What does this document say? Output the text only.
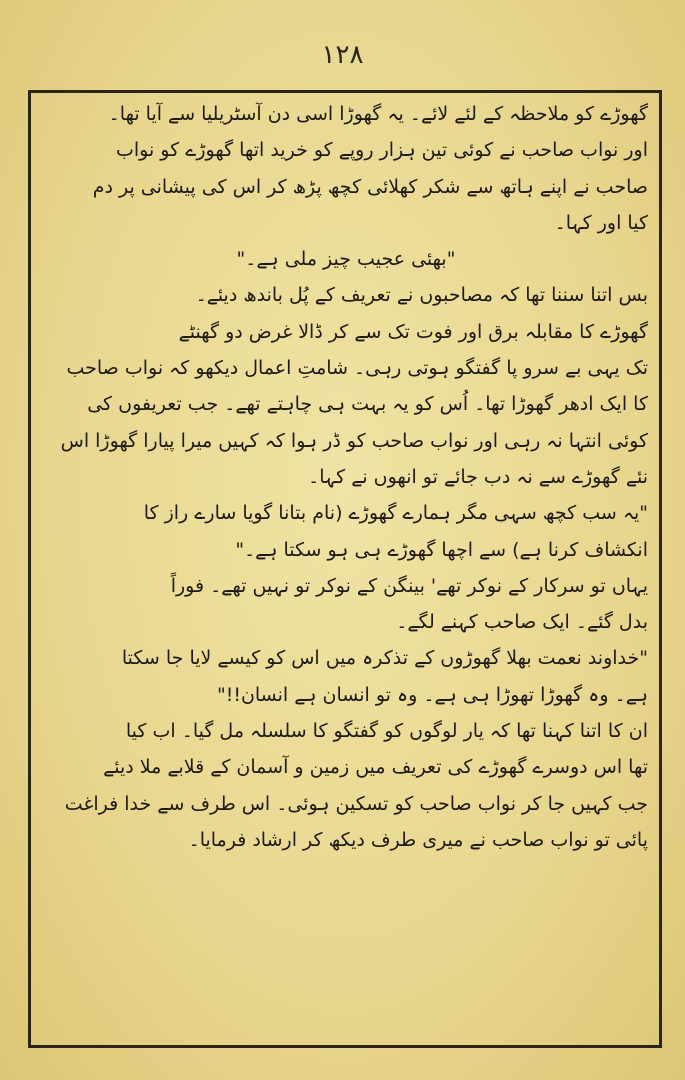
۱۲۸
گھوڑے کو ملاحظہ کے لئے لائے۔ یہ گھوڑا اسی دن آسٹریلیا سے آیا تھا۔
اور نواب صاحب نے کوئی تین ہزار روپے کو خرید اتھا گھوڑے کو نواب
صاحب نے اپنے ہاتھ سے شکر کھلائی کچھ پڑھ کر اس کی پیشانی پر دم
کیا اور کہا۔
"بھئی عجیب چیز ملی ہے۔"
بس اتنا سننا تھا کہ مصاحبوں نے تعریف کے پُل باندھ دیئے۔
گھوڑے کا مقابلہ برق اور فوت تک سے کر ڈالا غرض دو گھنٹے
تک یہی بے سرو پا گفتگو ہوتی رہی۔ شامتِ اعمال دیکھو کہ نواب صاحب
کا ایک ادھر گھوڑا تھا۔ اُس کو یہ بہت ہی چاہتے تھے۔ جب تعریفوں کی
کوئی انتہا نہ رہی اور نواب صاحب کو ڈر ہوا کہ کہیں میرا پیارا گھوڑا اس
نئے گھوڑے سے نہ دب جائے تو انھوں نے کہا۔
"یہ سب کچھ سہی مگر ہمارے گھوڑے (نام بتانا گویا سارے راز کا
انکشاف کرنا ہے) سے اچھا گھوڑے ہی ہو سکتا ہے۔"
یہاں تو سرکار کے نوکر تھے' بینگن کے نوکر تو نہیں تھے۔ فوراً
بدل گئے۔ ایک صاحب کہنے لگے۔
"خداوند نعمت بھلا گھوڑوں کے تذکرہ میں اس کو کیسے لایا جا سکتا
ہے۔ وہ گھوڑا تھوڑا ہی ہے۔ وہ تو انسان ہے انسان!!"
ان کا اتنا کہنا تھا کہ یار لوگوں کو گفتگو کا سلسلہ مل گیا۔ اب کیا
تھا اس دوسرے گھوڑے کی تعریف میں زمین و آسمان کے قلابے ملا دیئے
جب کہیں جا کر نواب صاحب کو تسکین ہوئی۔ اس طرف سے خدا فراغت
پائی تو نواب صاحب نے میری طرف دیکھ کر ارشاد فرمایا۔
